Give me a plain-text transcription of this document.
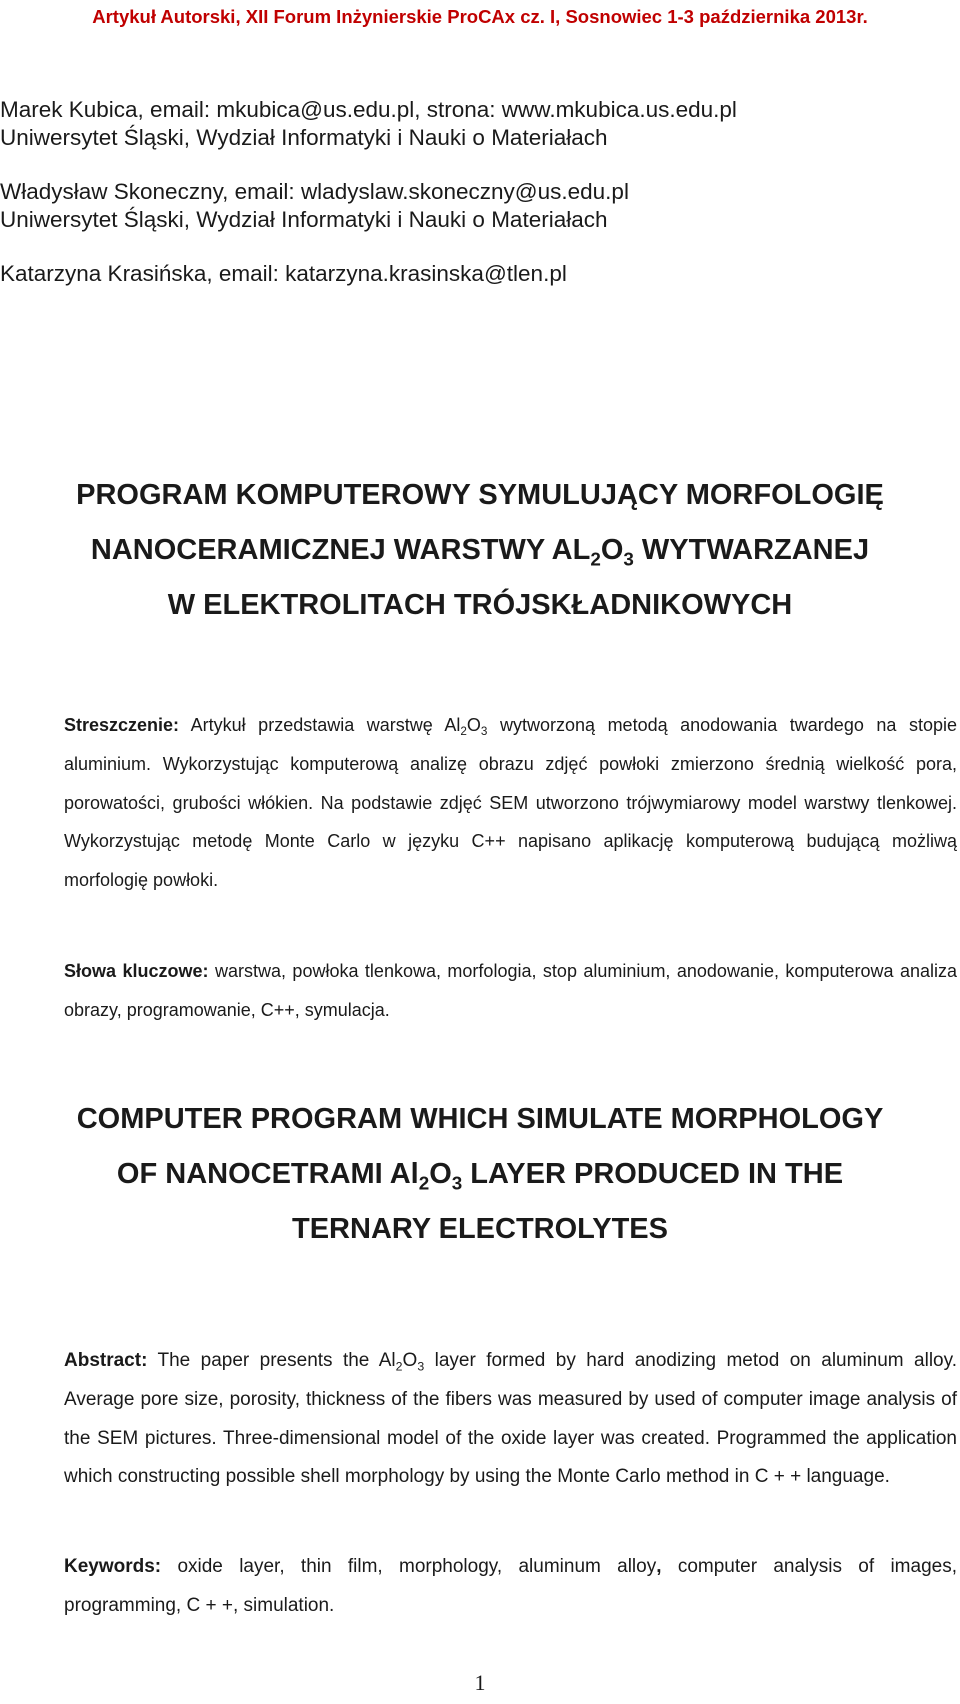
Artykuł Autorski, XII Forum Inżynierskie ProCAx cz. I, Sosnowiec 1-3 października 2013r.

Marek Kubica, email: mkubica@us.edu.pl, strona: www.mkubica.us.edu.pl

Uniwersytet Śląski, Wydział Informatyki i Nauki o Materiałach

Władysław Skoneczny, email: wladyslaw.skoneczny@us.edu.pl

Uniwersytet Śląski, Wydział Informatyki i Nauki o Materiałach

Katarzyna Krasińska, email: katarzyna.krasinska@tlen.pl

PROGRAM KOMPUTEROWY SYMULUJĄCY MORFOLOGIĘ
NANOCERAMICZNEJ WARSTWY $AL_2O_3$ WYTWARZANEJ
W ELEKTROLITACH TRÓJSKŁADNIKOWYCH

Streszczenie: Artykuł przedstawia warstwę $Al_2O_3$ wytworzoną metodą anodowania twardego na stopie aluminium. Wykorzystując komputerową analizę obrazu zdjęć powłoki zmierzono średnią wielkość pora, porowatości, grubości włókien. Na podstawie zdjęć SEM utworzono trójwymiarowy model warstwy tlenkowej. Wykorzystując metodę Monte Carlo w języku C++ napisano aplikację komputerową budującą możliwą morfologię powłoki.

Słowa kluczowe: warstwa, powłoka tlenkowa, morfologia, stop aluminium, anodowanie, komputerowa analiza obrazy, programowanie, C++, symulacja.

COMPUTER PROGRAM WHICH SIMULATE MORPHOLOGY
OF NANOCETRAMI $Al_2O_3$ LAYER PRODUCED IN THE
TERNARY ELECTROLYTES

Abstract: The paper presents the $Al_2O_3$ layer formed by hard anodizing metod on aluminum alloy. Average pore size, porosity, thickness of the fibers was measured by used of computer image analysis of the SEM pictures. Three-dimensional model of the oxide layer was created. Programmed the application which constructing possible shell morphology by using the Monte Carlo method in C + + language.

Keywords: oxide layer, thin film, morphology, aluminum alloy, computer analysis of images, programming, C + +, simulation.

1
